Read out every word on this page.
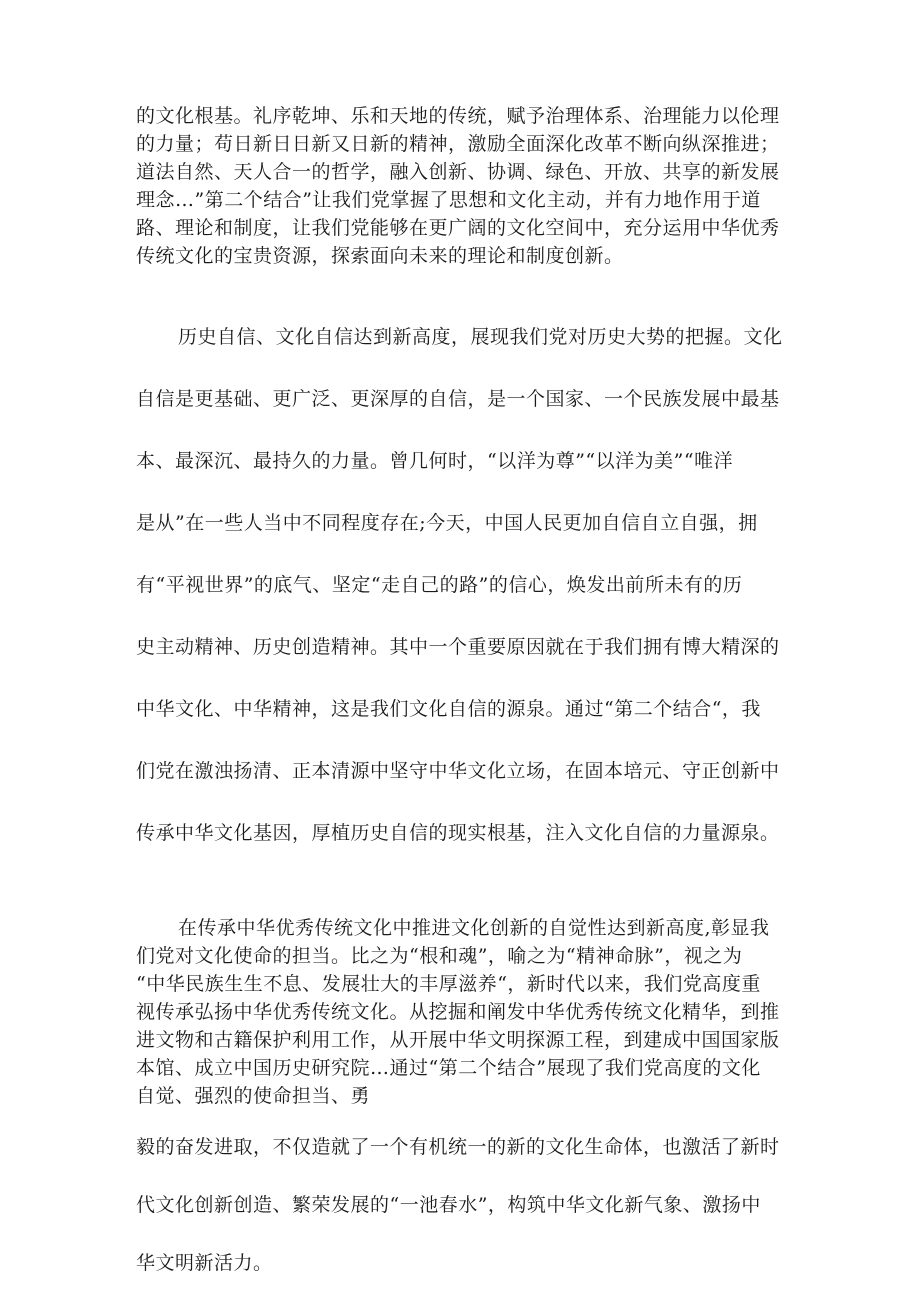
的文化根基。礼序乾坤、乐和天地的传统，赋予治理体系、治理能力以伦理
的力量；苟日新日日新又日新的精神，激励全面深化改革不断向纵深推进；
道法自然、天人合一的哲学，融入创新、协调、绿色、开放、共享的新发展
理念…”第二个结合”让我们党掌握了思想和文化主动，并有力地作用于道
路、理论和制度，让我们党能够在更广阔的文化空间中，充分运用中华优秀
传统文化的宝贵资源，探索面向未来的理论和制度创新。
历史自信、文化自信达到新高度，展现我们党对历史大势的把握。文化
自信是更基础、更广泛、更深厚的自信，是一个国家、一个民族发展中最基
本、最深沉、最持久的力量。曾几何时，“以洋为尊”“以洋为美”“唯洋
是从”在一些人当中不同程度存在;今天，中国人民更加自信自立自强，拥
有“平视世界”的底气、坚定“走自己的路”的信心，焕发出前所未有的历
史主动精神、历史创造精神。其中一个重要原因就在于我们拥有博大精深的
中华文化、中华精神，这是我们文化自信的源泉。通过“第二个结合“，我
们党在激浊扬清、正本清源中坚守中华文化立场，在固本培元、守正创新中
传承中华文化基因，厚植历史自信的现实根基，注入文化自信的力量源泉。
在传承中华优秀传统文化中推进文化创新的自觉性达到新高度,彰显我
们党对文化使命的担当。比之为“根和魂”，喻之为“精神命脉”，视之为
“中华民族生生不息、发展壮大的丰厚滋养“，新时代以来，我们党高度重
视传承弘扬中华优秀传统文化。从挖掘和阐发中华优秀传统文化精华，到推
进文物和古籍保护利用工作，从开展中华文明探源工程，到建成中国国家版
本馆、成立中国历史研究院…通过“第二个结合”展现了我们党高度的文化
自觉、强烈的使命担当、勇
毅的奋发进取，不仅造就了一个有机统一的新的文化生命体，也激活了新时
代文化创新创造、繁荣发展的“一池春水”，构筑中华文化新气象、激扬中
华文明新活力。
